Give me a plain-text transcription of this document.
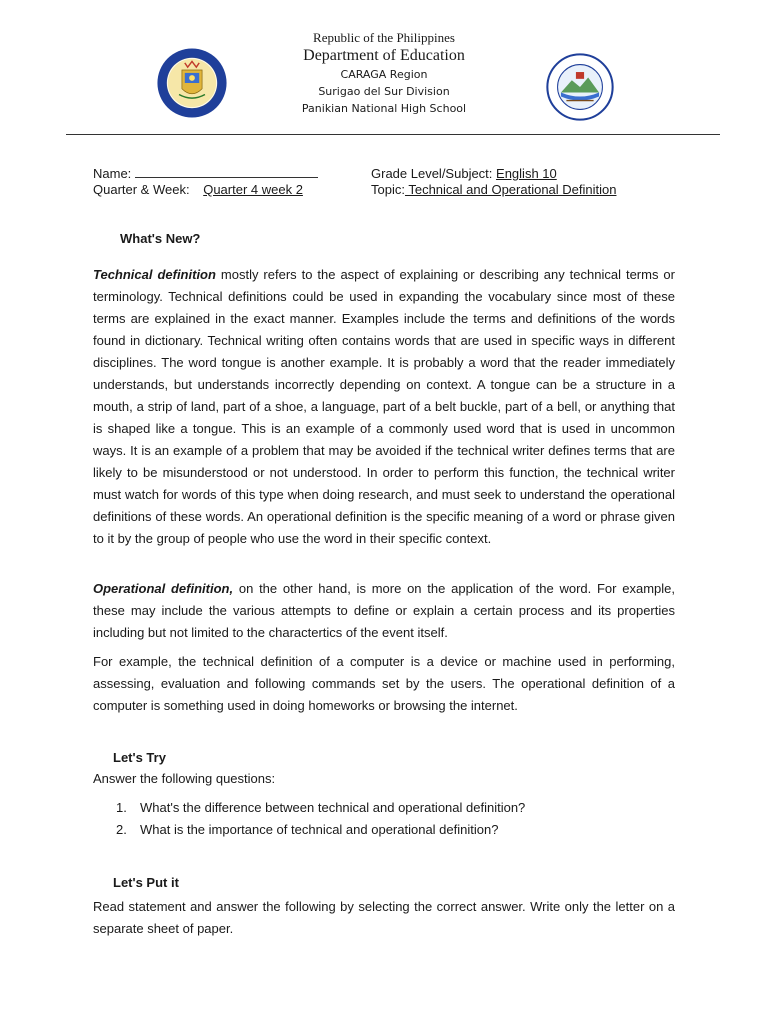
Republic of the Philippines
Department of Education
CARAGA Region
Surigao del Sur Division
Panikian National High School
Name:
Quarter & Week: Quarter 4 week 2
Grade Level/Subject: English 10
Topic: Technical and Operational Definition
What's New?

Technical definition mostly refers to the aspect of explaining or describing any technical terms or terminology. Technical definitions could be used in expanding the vocabulary since most of these terms are explained in the exact manner. Examples include the terms and definitions of the words found in dictionary. Technical writing often contains words that are used in specific ways in different disciplines. The word tongue is another example. It is probably a word that the reader immediately understands, but understands incorrectly depending on context. A tongue can be a structure in a mouth, a strip of land, part of a shoe, a language, part of a belt buckle, part of a bell, or anything that is shaped like a tongue. This is an example of a commonly used word that is used in uncommon ways. It is an example of a problem that may be avoided if the technical writer defines terms that are likely to be misunderstood or not understood. In order to perform this function, the technical writer must watch for words of this type when doing research, and must seek to understand the operational definitions of these words. An operational definition is the specific meaning of a word or phrase given to it by the group of people who use the word in their specific context.

Operational definition, on the other hand, is more on the application of the word. For example, these may include the various attempts to define or explain a certain process and its properties including but not limited to the charactertics of the event itself.

For example, the technical definition of a computer is a device or machine used in performing, assessing, evaluation and following commands set by the users. The operational definition of a computer is something used in doing homeworks or browsing the internet.

Let's Try
Answer the following questions:
1. What's the difference between technical and operational definition?
2. What is the importance of technical and operational definition?
Let's Put it

Read statement and answer the following by selecting the correct answer. Write only the letter on a separate sheet of paper.
